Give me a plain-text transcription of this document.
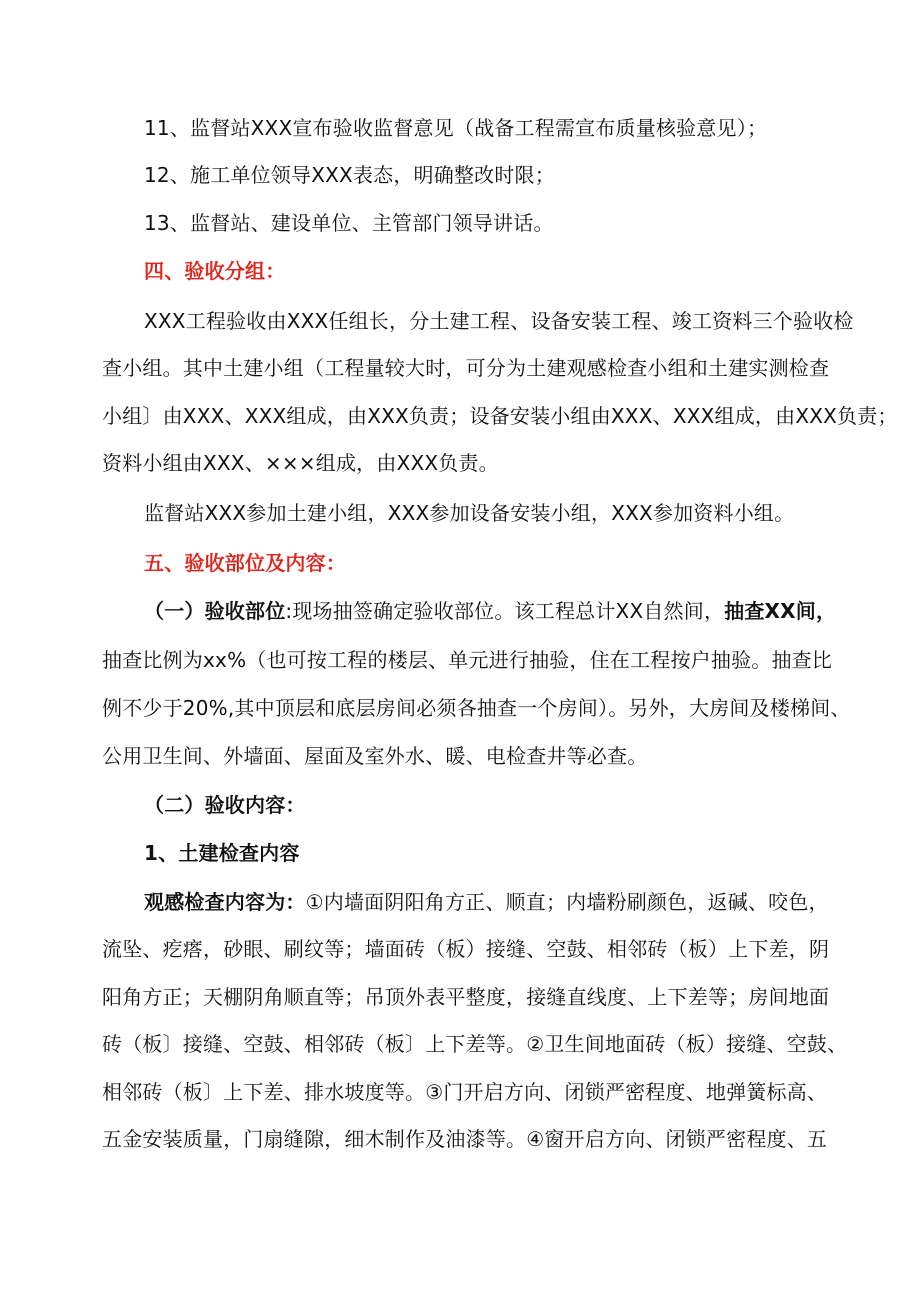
11、监督站XXX宣布验收监督意见（战备工程需宣布质量核验意见）；
12、施工单位领导XXX表态，明确整改时限；
13、监督站、建设单位、主管部门领导讲话。
四、验收分组：
XXX工程验收由XXX任组长，分土建工程、设备安装工程、竣工资料三个验收检
查小组。其中土建小组（工程量较大时，可分为土建观感检查小组和土建实测检查
小组〕由XXX、XXX组成，由XXX负责；设备安装小组由XXX、XXX组成，由XXX负责；
资料小组由XXX、×××组成，由XXX负责。
监督站XXX参加土建小组，XXX参加设备安装小组，XXX参加资料小组。
五、验收部位及内容：
（一）验收部位:现场抽签确定验收部位。该工程总计XX自然间，抽查XX间，
抽查比例为xx%（也可按工程的楼层、单元进行抽验，住在工程按户抽验。抽查比
例不少于20%,其中顶层和底层房间必须各抽查一个房间）。另外，大房间及楼梯间、
公用卫生间、外墙面、屋面及室外水、暖、电检查井等必查。
（二）验收内容：
1、土建检查内容
观感检查内容为：①内墙面阴阳角方正、顺直；内墙粉刷颜色，返碱、咬色，
流坠、疙瘩，砂眼、刷纹等；墙面砖（板）接缝、空鼓、相邻砖（板）上下差，阴
阳角方正；天棚阴角顺直等；吊顶外表平整度，接缝直线度、上下差等；房间地面
砖（板〕接缝、空鼓、相邻砖（板〕上下差等。②卫生间地面砖（板）接缝、空鼓、
相邻砖（板〕上下差、排水坡度等。③门开启方向、闭锁严密程度、地弹簧标高、
五金安装质量，门扇缝隙，细木制作及油漆等。④窗开启方向、闭锁严密程度、五
